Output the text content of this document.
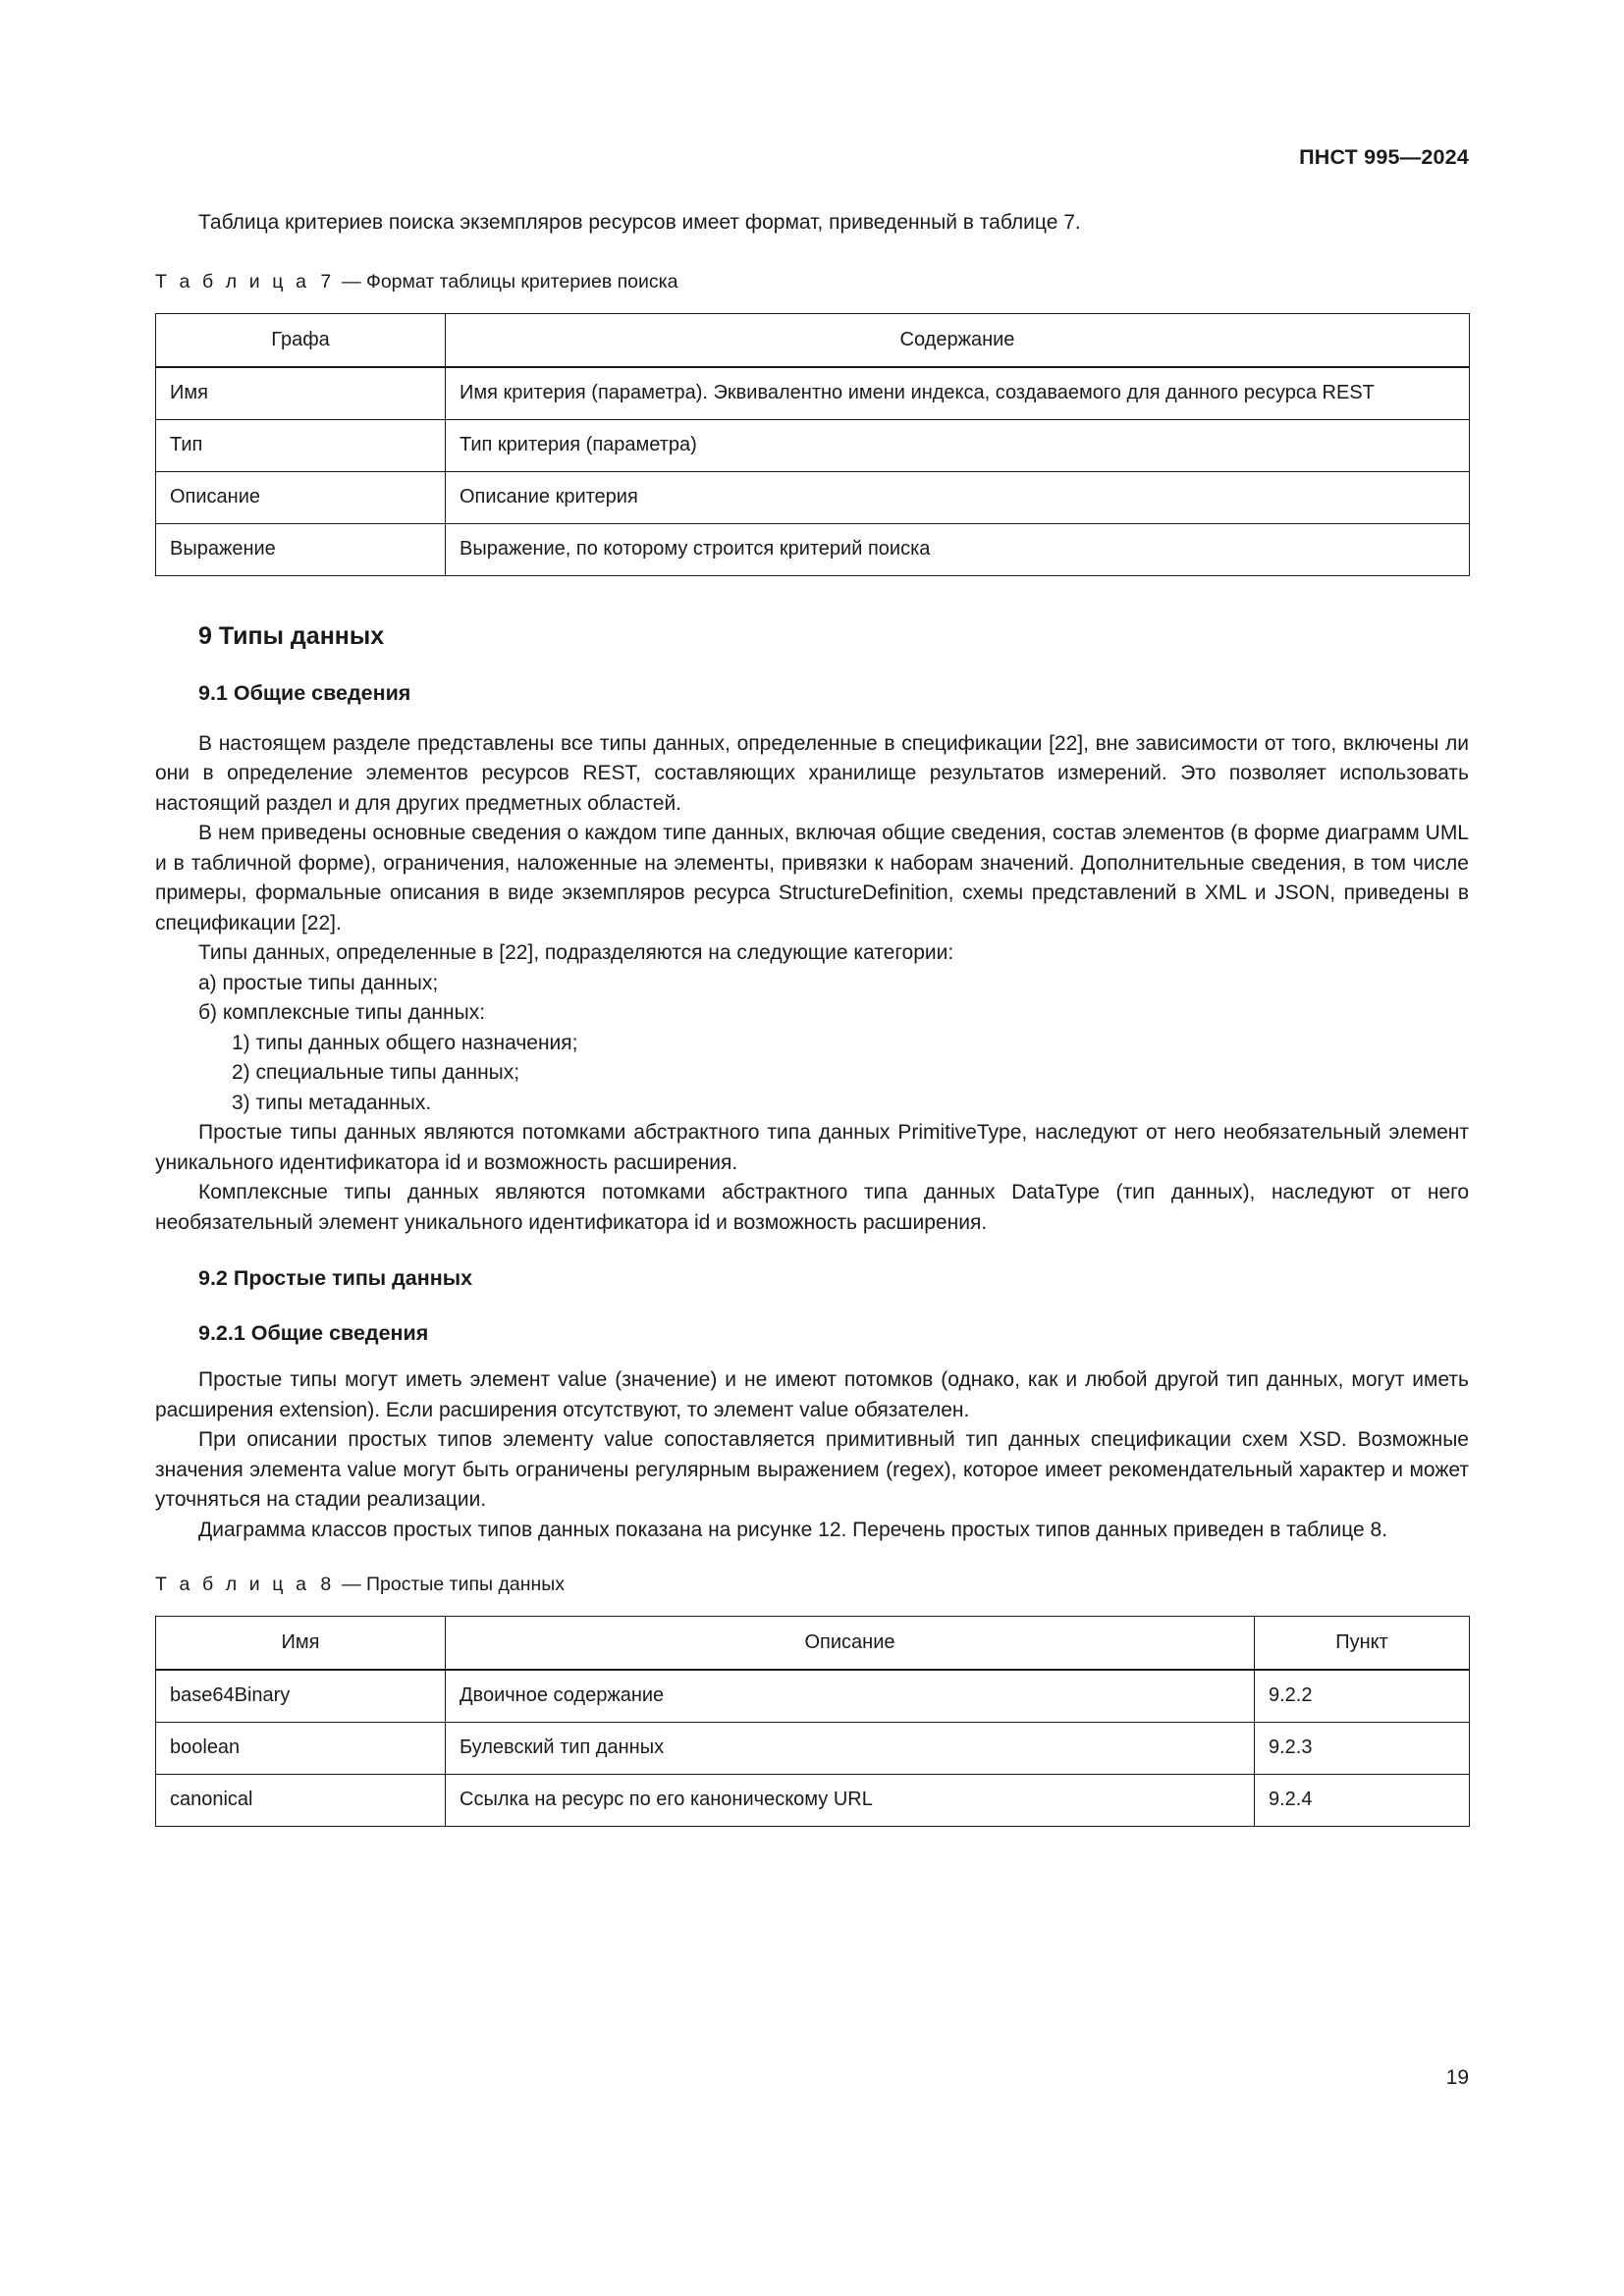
ПНСТ 995—2024

Таблица критериев поиска экземпляров ресурсов имеет формат, приведенный в таблице 7.

Т а б л и ц а 7 — Формат таблицы критериев поиска

Графа	Содержание
Имя	Имя критерия (параметра). Эквивалентно имени индекса, создаваемого для данного ресурса REST
Тип	Тип критерия (параметра)
Описание	Описание критерия
Выражение	Выражение, по которому строится критерий поиска
9 Типы данных
9.1 Общие сведения

В настоящем разделе представлены все типы данных, определенные в спецификации [22], вне зависимости от того, включены ли они в определение элементов ресурсов REST, составляющих хранилище результатов измерений. Это позволяет использовать настоящий раздел и для других предметных областей.

В нем приведены основные сведения о каждом типе данных, включая общие сведения, состав элементов (в форме диаграмм UML и в табличной форме), ограничения, наложенные на элементы, привязки к наборам значений. Дополнительные сведения, в том числе примеры, формальные описания в виде экземпляров ресурса StructureDefinition, схемы представлений в XML и JSON, приведены в спецификации [22].

Типы данных, определенные в [22], подразделяются на следующие категории:

а) простые типы данных;

б) комплексные типы данных:

1) типы данных общего назначения;

2) специальные типы данных;

3) типы метаданных.

Простые типы данных являются потомками абстрактного типа данных PrimitiveType, наследуют от него необязательный элемент уникального идентификатора id и возможность расширения.

Комплексные типы данных являются потомками абстрактного типа данных DataType (тип данных), наследуют от него необязательный элемент уникального идентификатора id и возможность расширения.

9.2 Простые типы данных
9.2.1 Общие сведения

Простые типы могут иметь элемент value (значение) и не имеют потомков (однако, как и любой другой тип данных, могут иметь расширения extension). Если расширения отсутствуют, то элемент value обязателен.

При описании простых типов элементу value сопоставляется примитивный тип данных спецификации схем XSD. Возможные значения элемента value могут быть ограничены регулярным выражением (regex), которое имеет рекомендательный характер и может уточняться на стадии реализации.

Диаграмма классов простых типов данных показана на рисунке 12. Перечень простых типов данных приведен в таблице 8.

Т а б л и ц а 8 — Простые типы данных

Имя	Описание	Пункт
base64Binary	Двоичное содержание	9.2.2
boolean	Булевский тип данных	9.2.3
canonical	Ссылка на ресурс по его каноническому URL	9.2.4
19
